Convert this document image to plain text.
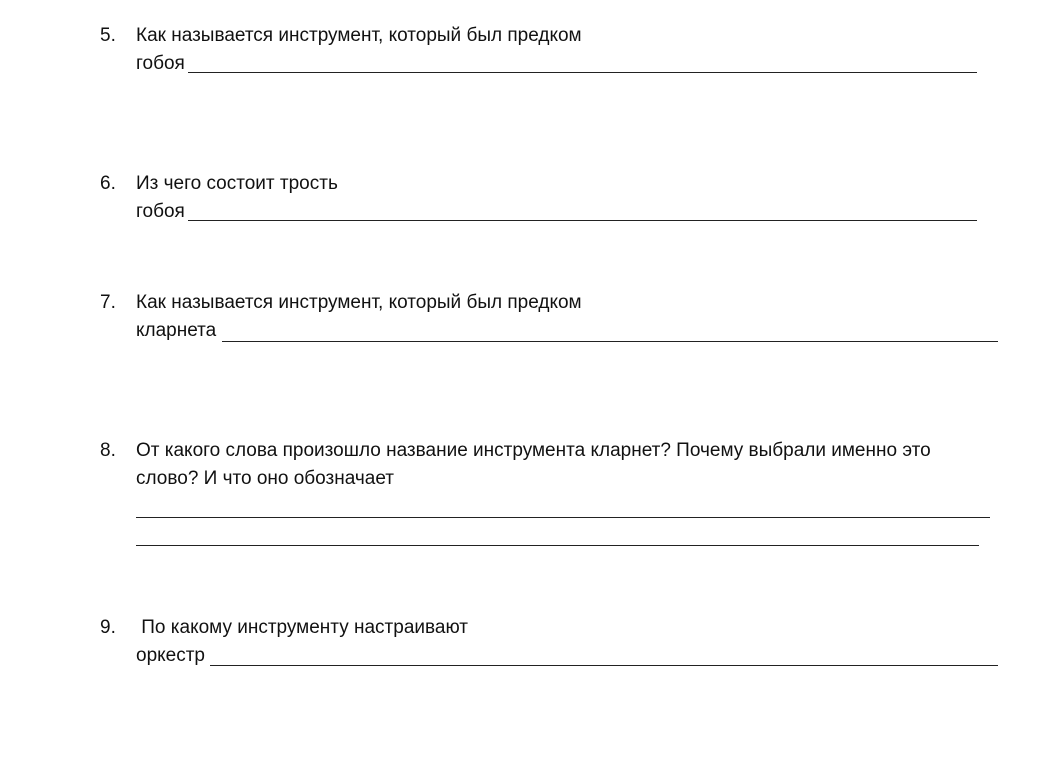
5. Как называется инструмент, который был предком
гобоя
6. Из чего состоит трость
гобоя
7. Как называется инструмент, который был предком
кларнета
8. От какого слова произошло название инструмента кларнет? Почему выбрали именно это
слово? И что оно обозначает
9. По какому инструменту настраивают
оркестр
